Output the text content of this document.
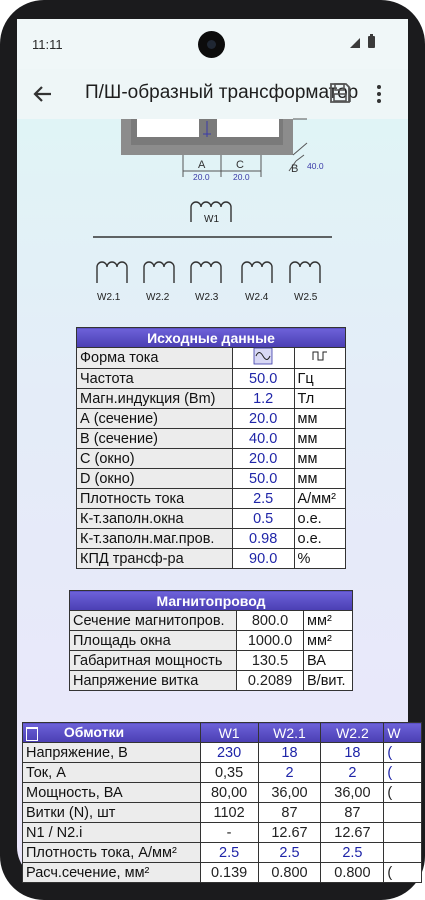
11:11
П/Ш-образный трансформатор
A	C	B
20.0	20.0
40.0
W1
W2.1	W2.2	W2.3	W2.4	W2.5
Исходные данные		
Форма тока		
Частота	50.0	Гц
Магн.индукция (Bm)	1.2	Тл
А (сечение)	20.0	мм
В (сечение)	40.0	мм
С (окно)	20.0	мм
D (окно)	50.0	мм
Плотность тока	2.5	А/мм²
К-т.заполн.окна	0.5	о.е.
К-т.заполн.маг.пров.	0.98	о.е.
КПД трансф-ра	90.0	%
Магнитопровод		
Сечение магнитопров.	800.0	мм²
Площадь окна	1000.0	мм²
Габаритная мощность	130.5	ВА
Напряжение витка	0.2089	В/вит.
Обмотки	W1	W2.1	W2.2	W
Напряжение, В	230	18	18	(
Ток, А	0,35	2	2	(
Мощность, ВА	80,00	36,00	36,00	(
Витки (N), шт	1102	87	87	
N1 / N2.i	-	12.67	12.67	
Плотность тока, А/мм²	2.5	2.5	2.5	
Расч.сечение, мм²	0.139	0.800	0.800	(
